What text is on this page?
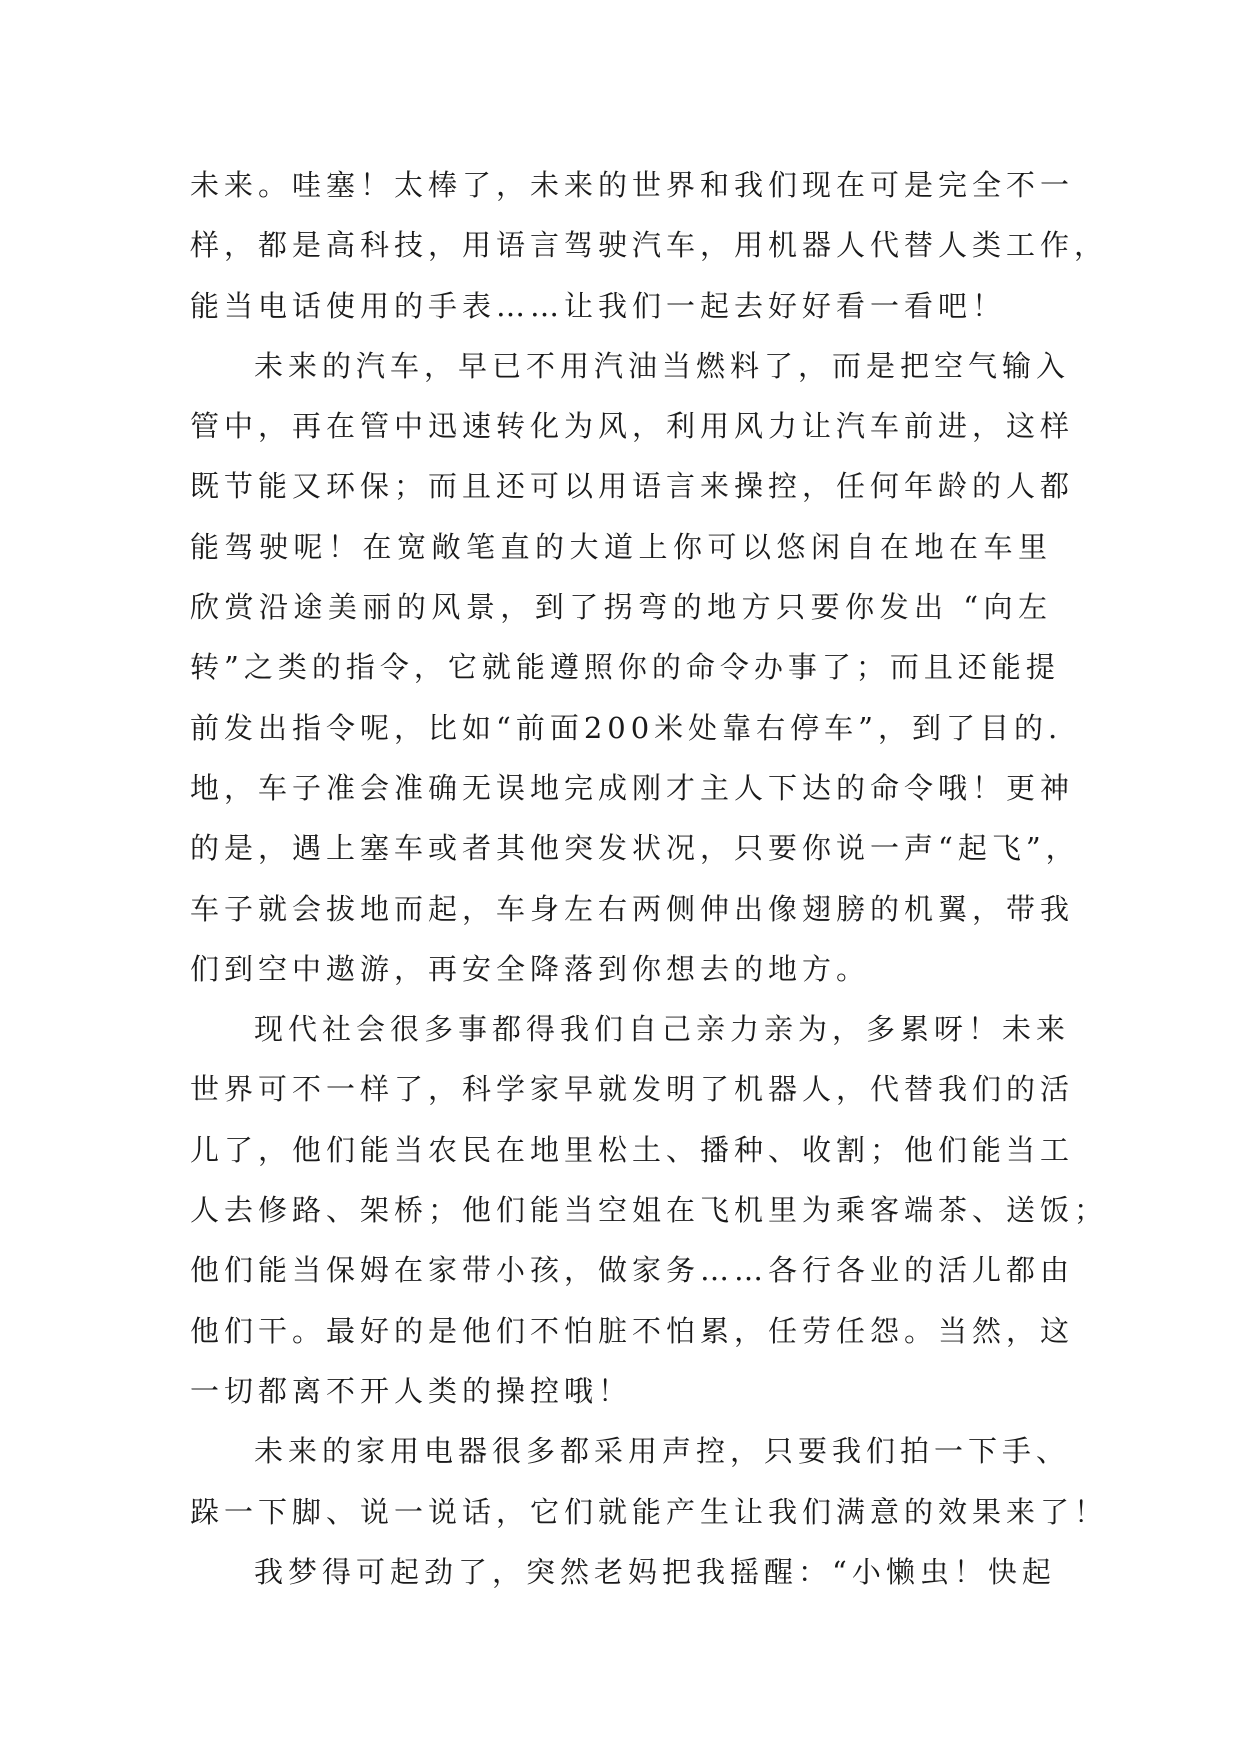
未来。哇塞！太棒了，未来的世界和我们现在可是完全不一
样，都是高科技，用语言驾驶汽车，用机器人代替人类工作，
能当电话使用的手表……让我们一起去好好看一看吧！
未来的汽车，早已不用汽油当燃料了，而是把空气输入
管中，再在管中迅速转化为风，利用风力让汽车前进，这样
既节能又环保；而且还可以用语言来操控，任何年龄的人都
能驾驶呢！在宽敞笔直的大道上你可以悠闲自在地在车里
欣赏沿途美丽的风景，到了拐弯的地方只要你发出 “向左
转”之类的指令，它就能遵照你的命令办事了；而且还能提
前发出指令呢，比如“前面200米处靠右停车”，到了目的.
地，车子准会准确无误地完成刚才主人下达的命令哦！更神
的是，遇上塞车或者其他突发状况，只要你说一声“起飞”，
车子就会拔地而起，车身左右两侧伸出像翅膀的机翼，带我
们到空中遨游，再安全降落到你想去的地方。
现代社会很多事都得我们自己亲力亲为，多累呀！未来
世界可不一样了，科学家早就发明了机器人，代替我们的活
儿了，他们能当农民在地里松土、播种、收割；他们能当工
人去修路、架桥；他们能当空姐在飞机里为乘客端茶、送饭；
他们能当保姆在家带小孩，做家务……各行各业的活儿都由
他们干。最好的是他们不怕脏不怕累，任劳任怨。当然，这
一切都离不开人类的操控哦！
未来的家用电器很多都采用声控，只要我们拍一下手、
跺一下脚、说一说话，它们就能产生让我们满意的效果来了！
我梦得可起劲了，突然老妈把我摇醒：“小懒虫！快起
